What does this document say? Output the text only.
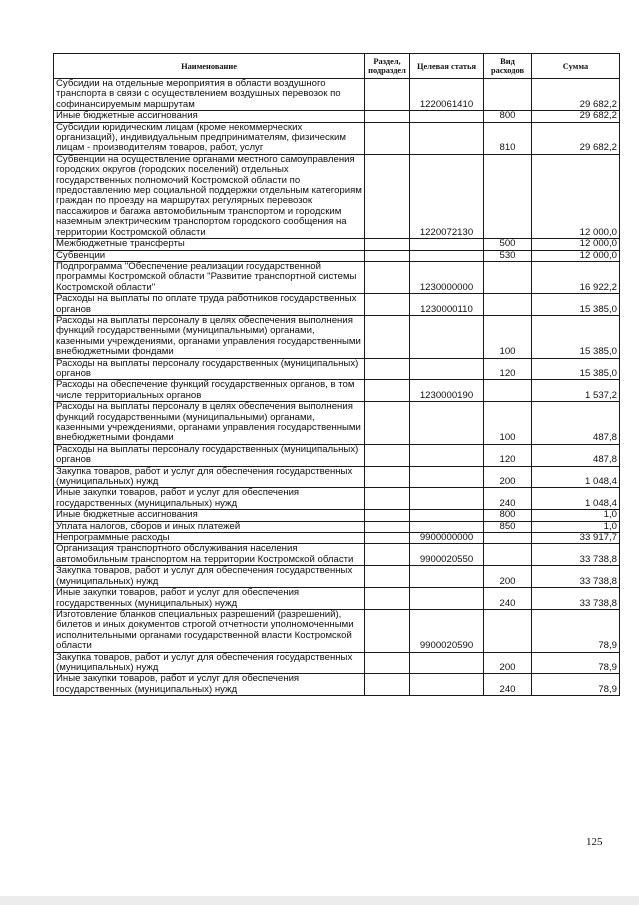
Наименование	Раздел, подраздел	Целевая статья	Вид расходов	Сумма
Субсидии на отдельные мероприятия в области воздушного транспорта в связи с осуществлением воздушных перевозок по софинансируемым маршрутам		1220061410		29 682,2
Иные бюджетные ассигнования			800	29 682,2
Субсидии юридическим лицам (кроме некоммерческих организаций), индивидуальным предпринимателям, физическим лицам - производителям товаров, работ, услуг			810	29 682,2
Субвенции на осуществление органами местного самоуправления городских округов (городских поселений) отдельных государственных полномочий Костромской области по предоставлению мер социальной поддержки отдельным категориям граждан по проезду на маршрутах регулярных перевозок пассажиров и багажа автомобильным транспортом и городским наземным электрическим транспортом городского сообщения на территории Костромской области		1220072130		12 000,0
Межбюджетные трансферты			500	12 000,0
Субвенции			530	12 000,0
Подпрограмма "Обеспечение реализации государственной программы Костромской области "Развитие транспортной системы Костромской области"		1230000000		16 922,2
Расходы на выплаты по оплате труда работников государственных органов		1230000110		15 385,0
Расходы на выплаты персоналу в целях обеспечения выполнения функций государственными (муниципальными) органами, казенными учреждениями, органами управления государственными внебюджетными фондами			100	15 385,0
Расходы на выплаты персоналу государственных (муниципальных) органов			120	15 385,0
Расходы на обеспечение функций государственных органов, в том числе территориальных органов		1230000190		1 537,2
Расходы на выплаты персоналу в целях обеспечения выполнения функций государственными (муниципальными) органами, казенными учреждениями, органами управления государственными внебюджетными фондами			100	487,8
Расходы на выплаты персоналу государственных (муниципальных) органов			120	487,8
Закупка товаров, работ и услуг для обеспечения государственных (муниципальных) нужд			200	1 048,4
Иные закупки товаров, работ и услуг для обеспечения государственных (муниципальных) нужд			240	1 048,4
Иные бюджетные ассигнования			800	1,0
Уплата налогов, сборов и иных платежей			850	1,0
Непрограммные расходы		9900000000		33 917,7
Организация транспортного обслуживания населения автомобильным транспортом на территории Костромской области		9900020550		33 738,8
Закупка товаров, работ и услуг для обеспечения государственных (муниципальных) нужд			200	33 738,8
Иные закупки товаров, работ и услуг для обеспечения государственных (муниципальных) нужд			240	33 738,8
Изготовление бланков специальных разрешений (разрешений), билетов и иных документов строгой отчетности уполномоченными исполнительными органами государственной власти Костромской области		9900020590		78,9
Закупка товаров, работ и услуг для обеспечения государственных (муниципальных) нужд			200	78,9
Иные закупки товаров, работ и услуг для обеспечения государственных (муниципальных) нужд			240	78,9
125
